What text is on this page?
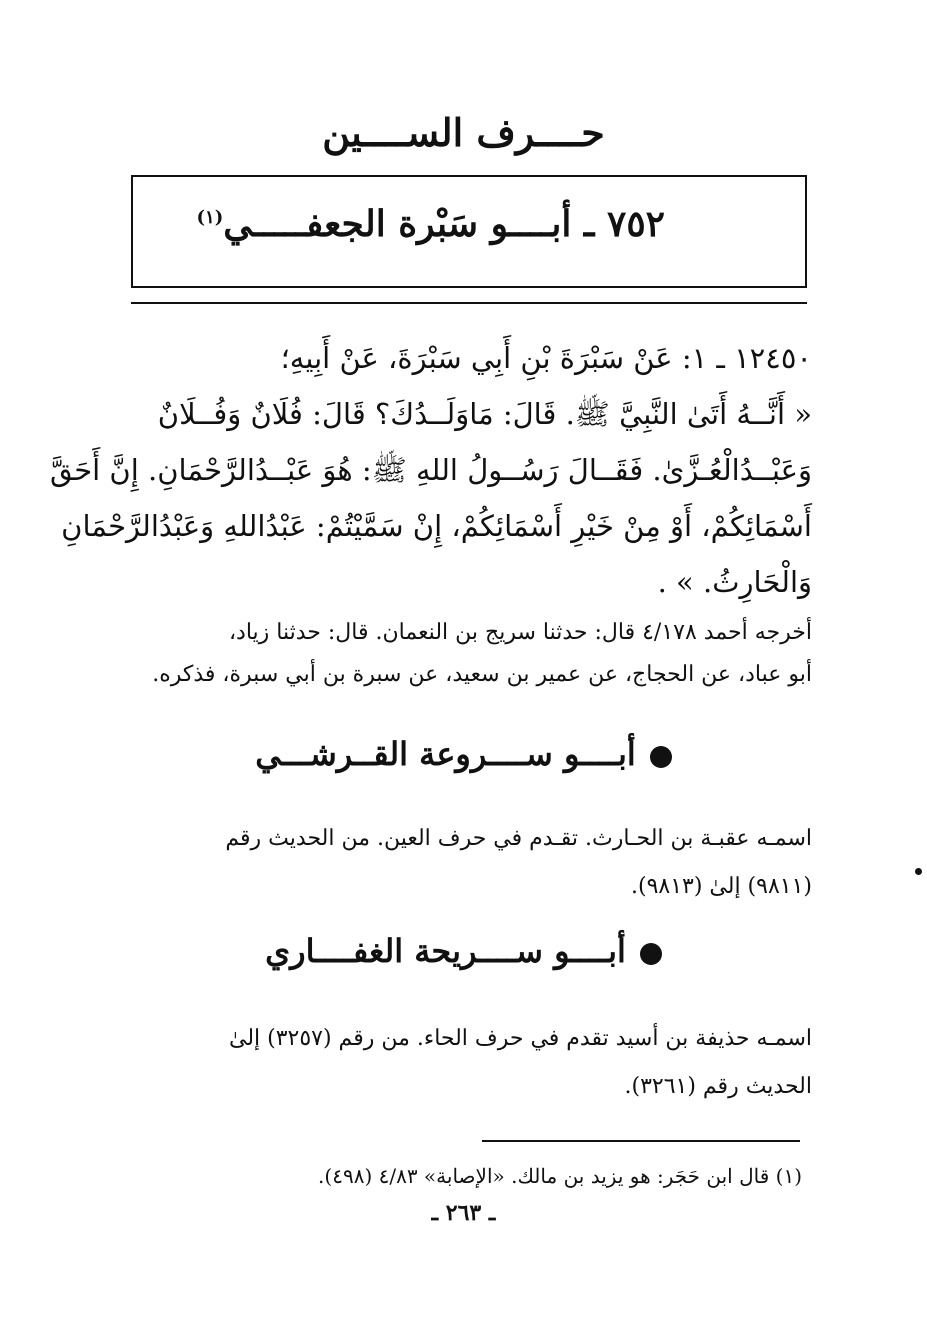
حــــرف الســــين
٧٥٢ ـ أبــــو سَبْرة الجعفـــــي$^{(١)}$
١٢٤٥٠ ـ ١: عَنْ سَبْرَةَ بْنِ أَبِي سَبْرَةَ، عَنْ أَبِيهِ؛
« أَنَّــهُ أَتَىٰ النَّبِيَّ ﷺ. قَالَ: مَاوَلَــدُكَ؟ قَالَ: فُلَانٌ وَفُــلَانٌ
وَعَبْــدُالْعُـزَّىٰ. فَقَــالَ رَسُــولُ اللهِ ﷺ: هُوَ عَبْــدُالرَّحْمَانِ. إِنَّ أَحَقَّ
أَسْمَائِكُمْ، أَوْ مِنْ خَيْرِ أَسْمَائِكُمْ، إِنْ سَمَّيْتُمْ: عَبْدُاللهِ وَعَبْدُالرَّحْمَانِ
وَالْحَارِثُ. » .
أخرجه أحمد ٤/١٧٨ قال: حدثنا سريج بن النعمان. قال: حدثنا زياد،
أبو عباد، عن الحجاج، عن عمير بن سعيد، عن سبرة بن أبي سبرة، فذكره.
أبــــو ســــروعة القــرشـــي
اسمـه عقبـة بن الحـارث. تقـدم في حرف العين. من الحديث رقم
(٩٨١١) إلىٰ (٩٨١٣).
أبــــو ســــريحة الغفــــاري
اسمـه حذيفة بن أسيد تقدم في حرف الحاء. من رقم (٣٢٥٧) إلىٰ
الحديث رقم (٣٢٦١).
(١) قال ابن حَجَر: هو يزيد بن مالك. «الإصابة» ٤/٨٣ (٤٩٨).
ـ ٢٦٣ ـ
